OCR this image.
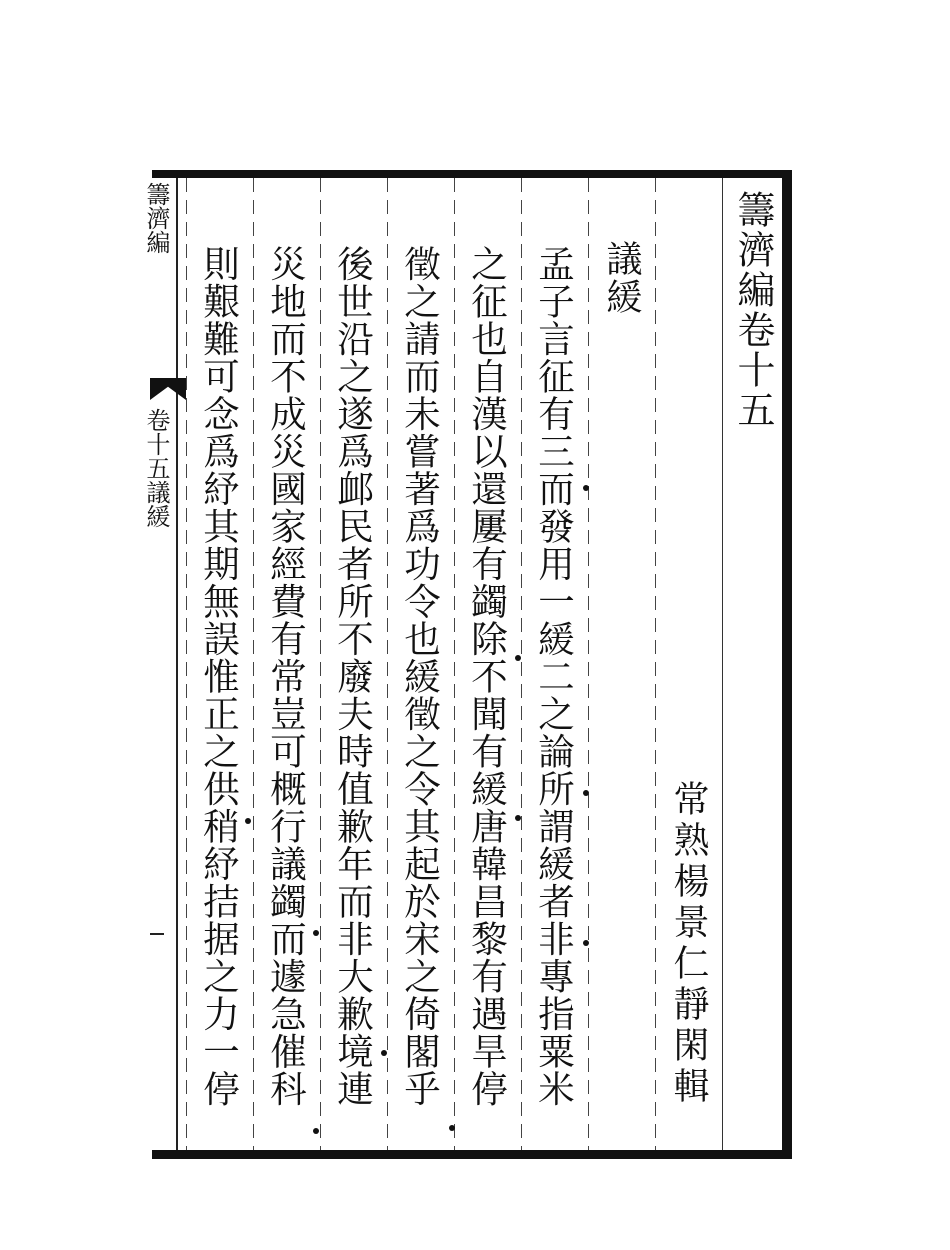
籌濟編卷十五
常熟楊景仁靜閑輯
議緩
孟子言征有三而發用一緩二之論所謂緩者非專指粟米
之征也自漢以還屢有蠲除不聞有緩唐韓昌黎有遇旱停
徵之請而未嘗著爲功令也緩徵之令其起於宋之倚閣乎
後世沿之遂爲䘏民者所不廢夫時值歉年而非大歉境連
災地而不成災國家經費有常豈可概行議蠲而遽急催科
則艱難可念爲紓其期無誤惟正之供稍紓拮据之力一停
籌濟編
卷十五議緩
